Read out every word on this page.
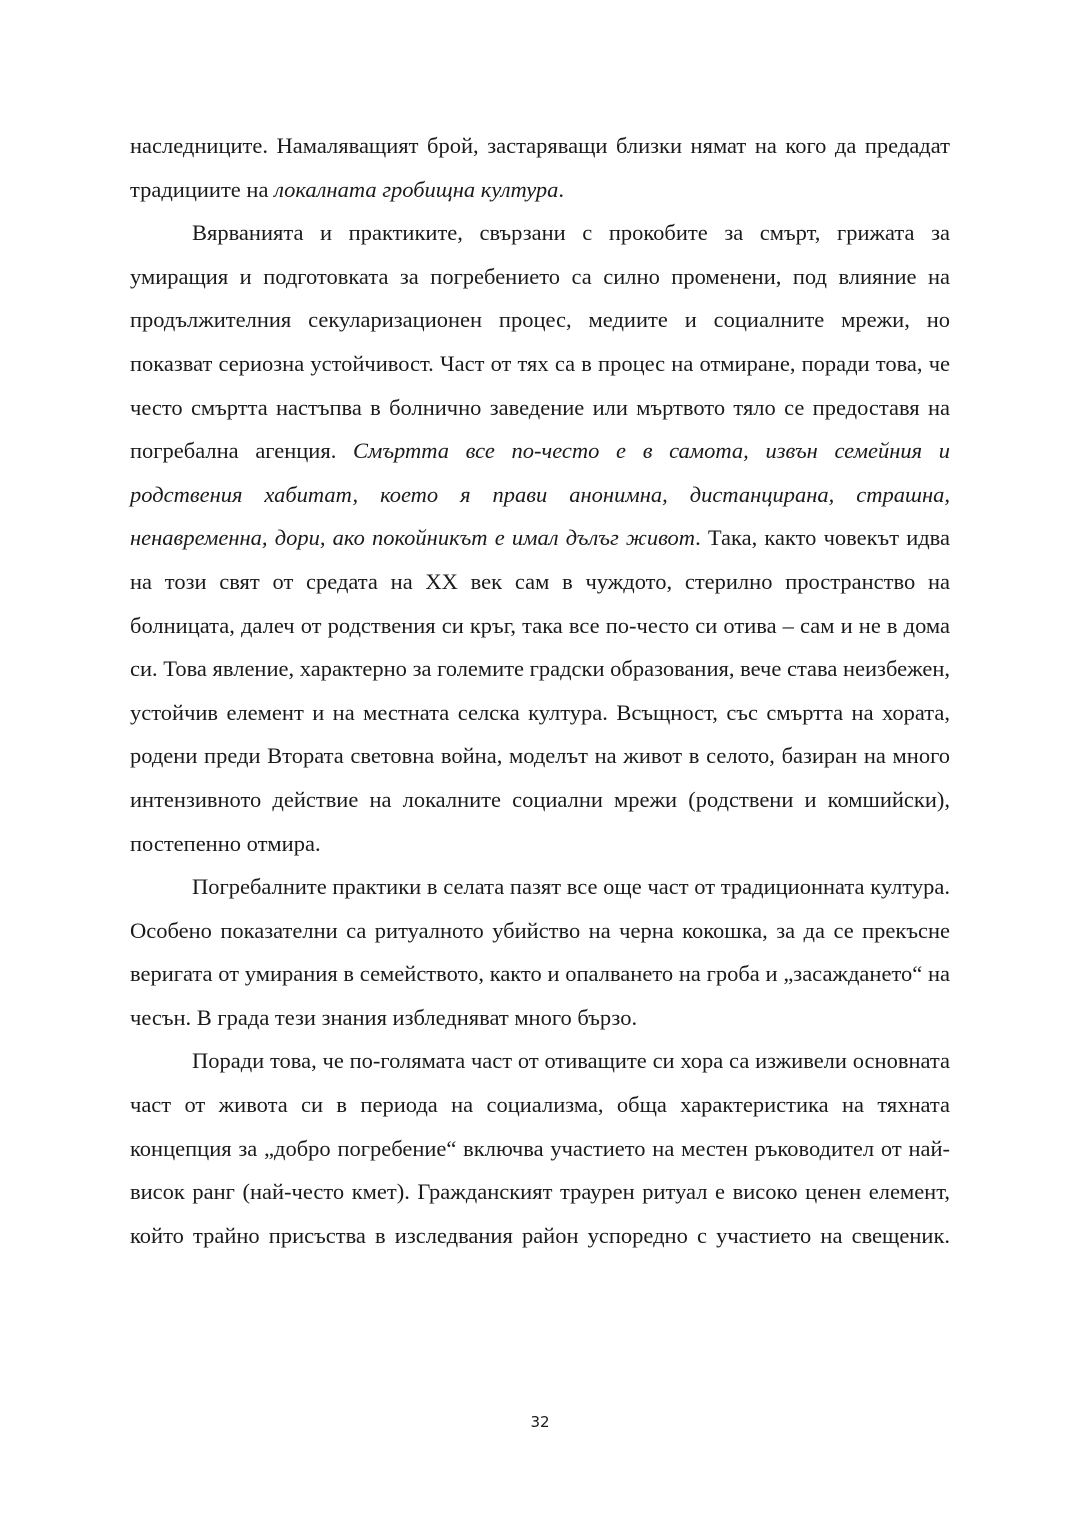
наследниците. Намаляващият брой, застаряващи близки нямат на кого да предадат традициите на локалната гробищна култура.

Вярванията и практиките, свързани с прокобите за смърт, грижата за умиращия и подготовката за погребението са силно променени, под влияние на продължителния секуларизационен процес, медиите и социалните мрежи, но показват сериозна устойчивост. Част от тях са в процес на отмиране, поради това, че често смъртта настъпва в болнично заведение или мъртвото тяло се предоставя на погребална агенция. Смъртта все по-често е в самота, извън семейния и родствения хабитат, което я прави анонимна, дистанцирана, страшна, ненавременна, дори, ако покойникът е имал дълъг живот. Така, както човекът идва на този свят от средата на XX век сам в чуждото, стерилно пространство на болницата, далеч от родствения си кръг, така все по-често си отива – сам и не в дома си. Това явление, характерно за големите градски образования, вече става неизбежен, устойчив елемент и на местната селска култура. Всъщност, със смъртта на хората, родени преди Втората световна война, моделът на живот в селото, базиран на много интензивното действие на локалните социални мрежи (родствени и комшийски), постепенно отмира.

Погребалните практики в селата пазят все още част от традиционната култура. Особено показателни са ритуалното убийство на черна кокошка, за да се прекъсне веригата от умирания в семейството, както и опалването на гроба и „засаждането“ на чесън. В града тези знания избледняват много бързо.

Поради това, че по-голямата част от отиващите си хора са изживели основната част от живота си в периода на социализма, обща характеристика на тяхната концепция за „добро погребение“ включва участието на местен ръководител от най-висок ранг (най-често кмет). Гражданският траурен ритуал е високо ценен елемент, който трайно присъства в изследвания район успоредно с участието на свещеник.

32
